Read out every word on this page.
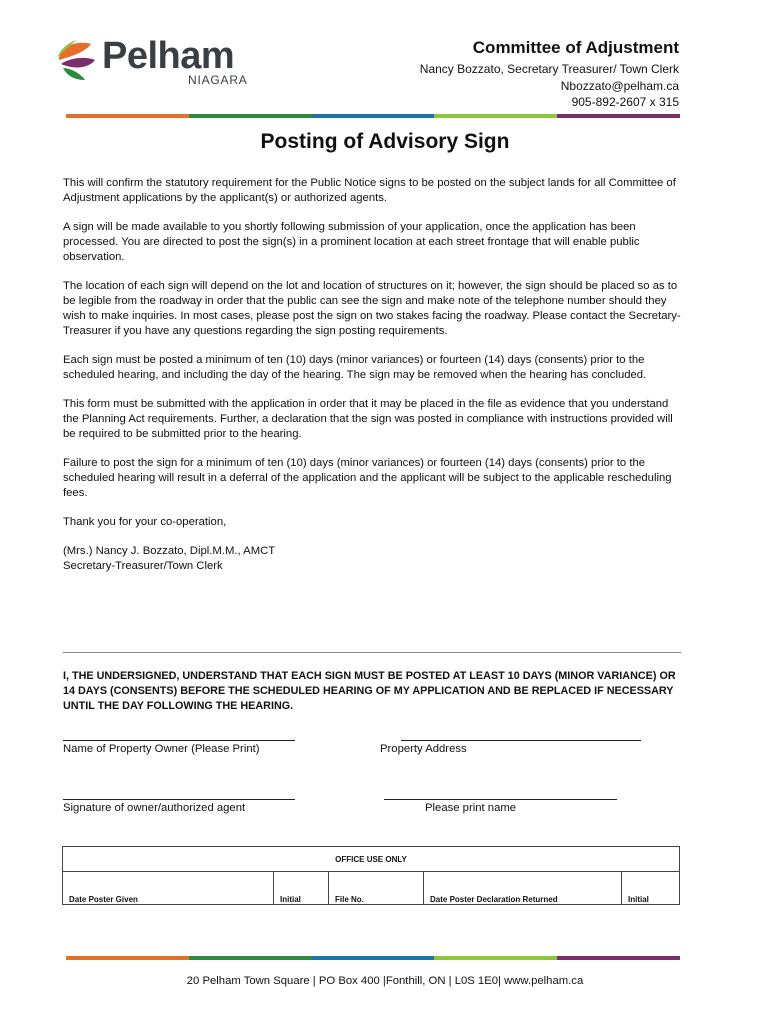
Pelham
NIAGARA
Committee of Adjustment
Nancy Bozzato, Secretary Treasurer/ Town Clerk
Nbozzato@pelham.ca
905-892-2607 x 315
Posting of Advisory Sign

This will confirm the statutory requirement for the Public Notice signs to be posted on the subject lands for all Committee of Adjustment applications by the applicant(s) or authorized agents.

A sign will be made available to you shortly following submission of your application, once the application has been processed. You are directed to post the sign(s) in a prominent location at each street frontage that will enable public observation.

The location of each sign will depend on the lot and location of structures on it; however, the sign should be placed so as to be legible from the roadway in order that the public can see the sign and make note of the telephone number should they wish to make inquiries. In most cases, please post the sign on two stakes facing the roadway. Please contact the Secretary-Treasurer if you have any questions regarding the sign posting requirements.

Each sign must be posted a minimum of ten (10) days (minor variances) or fourteen (14) days (consents) prior to the scheduled hearing, and including the day of the hearing. The sign may be removed when the hearing has concluded.

This form must be submitted with the application in order that it may be placed in the file as evidence that you understand the Planning Act requirements. Further, a declaration that the sign was posted in compliance with instructions provided will be required to be submitted prior to the hearing.

Failure to post the sign for a minimum of ten (10) days (minor variances) or fourteen (14) days (consents) prior to the scheduled hearing will result in a deferral of the application and the applicant will be subject to the applicable rescheduling fees.

Thank you for your co-operation,

(Mrs.) Nancy J. Bozzato, Dipl.M.M., AMCT
Secretary-Treasurer/Town Clerk
I, THE UNDERSIGNED, UNDERSTAND THAT EACH SIGN MUST BE POSTED AT LEAST 10 DAYS (MINOR VARIANCE) OR 14 DAYS (CONSENTS) BEFORE THE SCHEDULED HEARING OF MY APPLICATION AND BE REPLACED IF NECESSARY UNTIL THE DAY FOLLOWING THE HEARING.
Name of Property Owner (Please Print)	Property Address
Signature of owner/authorized agent	Please print name
OFFICE USE ONLY
Date Poster Given	Initial	File No.	Date Poster Declaration Returned	Initial
20 Pelham Town Square | PO Box 400 |Fonthill, ON | L0S 1E0| www.pelham.ca
